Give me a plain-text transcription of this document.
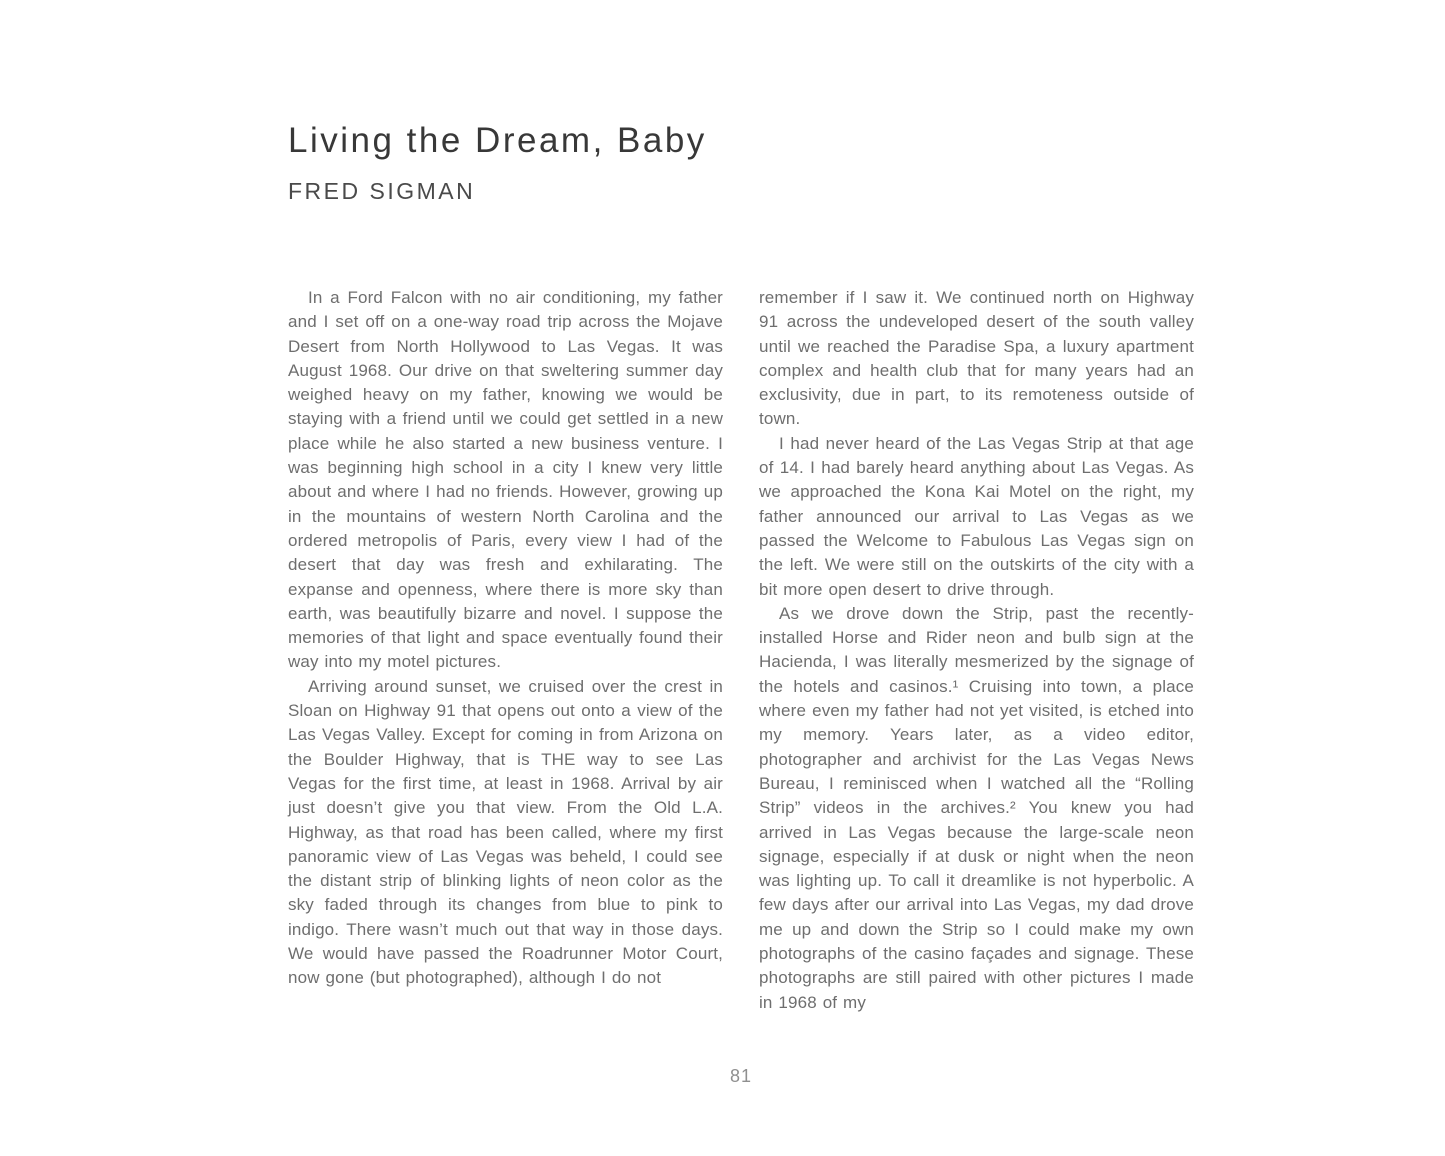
Living the Dream, Baby
FRED SIGMAN

In a Ford Falcon with no air conditioning, my father and I set off on a one-way road trip across the Mojave Desert from North Hollywood to Las Vegas. It was August 1968. Our drive on that sweltering summer day weighed heavy on my father, knowing we would be staying with a friend until we could get settled in a new place while he also started a new business venture. I was beginning high school in a city I knew very little about and where I had no friends. However, growing up in the mountains of western North Carolina and the ordered metropolis of Paris, every view I had of the desert that day was fresh and exhilarating. The expanse and openness, where there is more sky than earth, was beautifully bizarre and novel. I suppose the memories of that light and space eventually found their way into my motel pictures.

Arriving around sunset, we cruised over the crest in Sloan on Highway 91 that opens out onto a view of the Las Vegas Valley. Except for coming in from Arizona on the Boulder Highway, that is THE way to see Las Vegas for the first time, at least in 1968. Arrival by air just doesn’t give you that view. From the Old L.A. Highway, as that road has been called, where my first panoramic view of Las Vegas was beheld, I could see the distant strip of blinking lights of neon color as the sky faded through its changes from blue to pink to indigo. There wasn’t much out that way in those days. We would have passed the Roadrunner Motor Court, now gone (but photographed), although I do not

remember if I saw it. We continued north on Highway 91 across the undeveloped desert of the south valley until we reached the Paradise Spa, a luxury apartment complex and health club that for many years had an exclusivity, due in part, to its remoteness outside of town.

I had never heard of the Las Vegas Strip at that age of 14. I had barely heard anything about Las Vegas. As we approached the Kona Kai Motel on the right, my father announced our arrival to Las Vegas as we passed the Welcome to Fabulous Las Vegas sign on the left. We were still on the outskirts of the city with a bit more open desert to drive through.

As we drove down the Strip, past the recently-installed Horse and Rider neon and bulb sign at the Hacienda, I was literally mesmerized by the signage of the hotels and casinos.¹ Cruising into town, a place where even my father had not yet visited, is etched into my memory. Years later, as a video editor, photographer and archivist for the Las Vegas News Bureau, I reminisced when I watched all the “Rolling Strip” videos in the archives.² You knew you had arrived in Las Vegas because the large-scale neon signage, especially if at dusk or night when the neon was lighting up. To call it dreamlike is not hyperbolic. A few days after our arrival into Las Vegas, my dad drove me up and down the Strip so I could make my own photographs of the casino façades and signage. These photographs are still paired with other pictures I made in 1968 of my

81
